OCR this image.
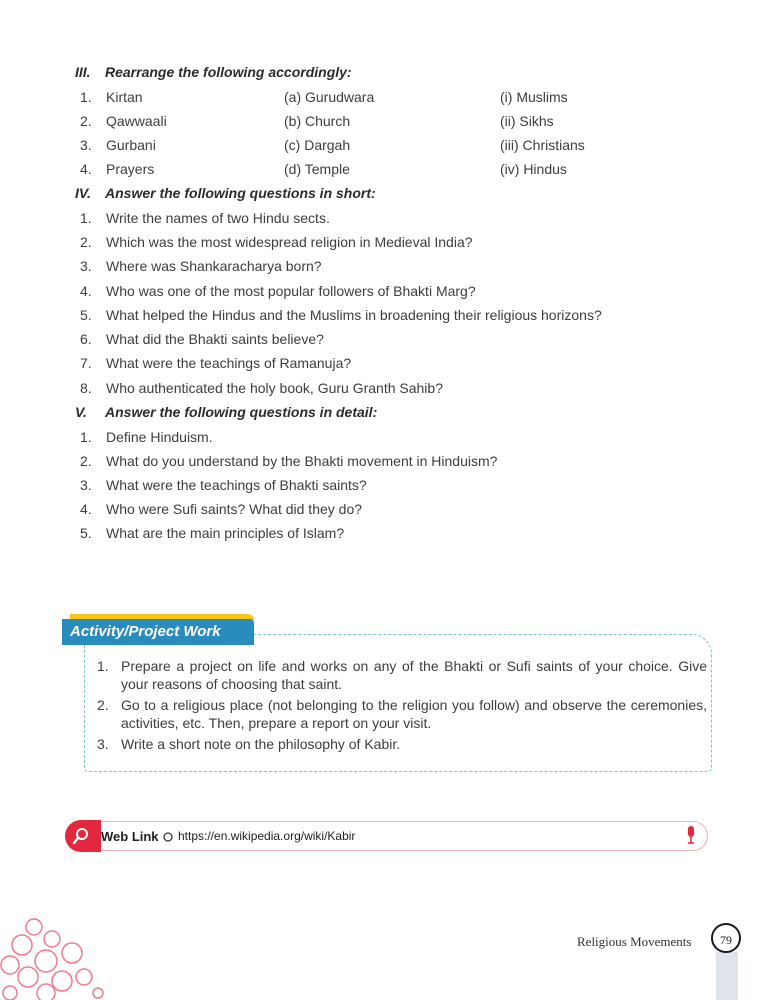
III. Rearrange the following accordingly:
1. Kirtan	(a) Gurudwara	(i) Muslims
2. Qawwaali	(b) Church	(ii) Sikhs
3. Gurbani	(c) Dargah	(iii) Christians
4. Prayers	(d) Temple	(iv) Hindus
IV. Answer the following questions in short:
1. Write the names of two Hindu sects.
2. Which was the most widespread religion in Medieval India?
3. Where was Shankaracharya born?
4. Who was one of the most popular followers of Bhakti Marg?
5. What helped the Hindus and the Muslims in broadening their religious horizons?
6. What did the Bhakti saints believe?
7. What were the teachings of Ramanuja?
8. Who authenticated the holy book, Guru Granth Sahib?
V. Answer the following questions in detail:
1. Define Hinduism.
2. What do you understand by the Bhakti movement in Hinduism?
3. What were the teachings of Bhakti saints?
4. Who were Sufi saints? What did they do?
5. What are the main principles of Islam?
Activity/Project Work
1. Prepare a project on life and works on any of the Bhakti or Sufi saints of your choice. Give your reasons of choosing that saint.
2. Go to a religious place (not belonging to the religion you follow) and observe the ceremonies, activities, etc. Then, prepare a report on your visit.
3. Write a short note on the philosophy of Kabir.
Web Link https://en.wikipedia.org/wiki/Kabir
Religious Movements	79
